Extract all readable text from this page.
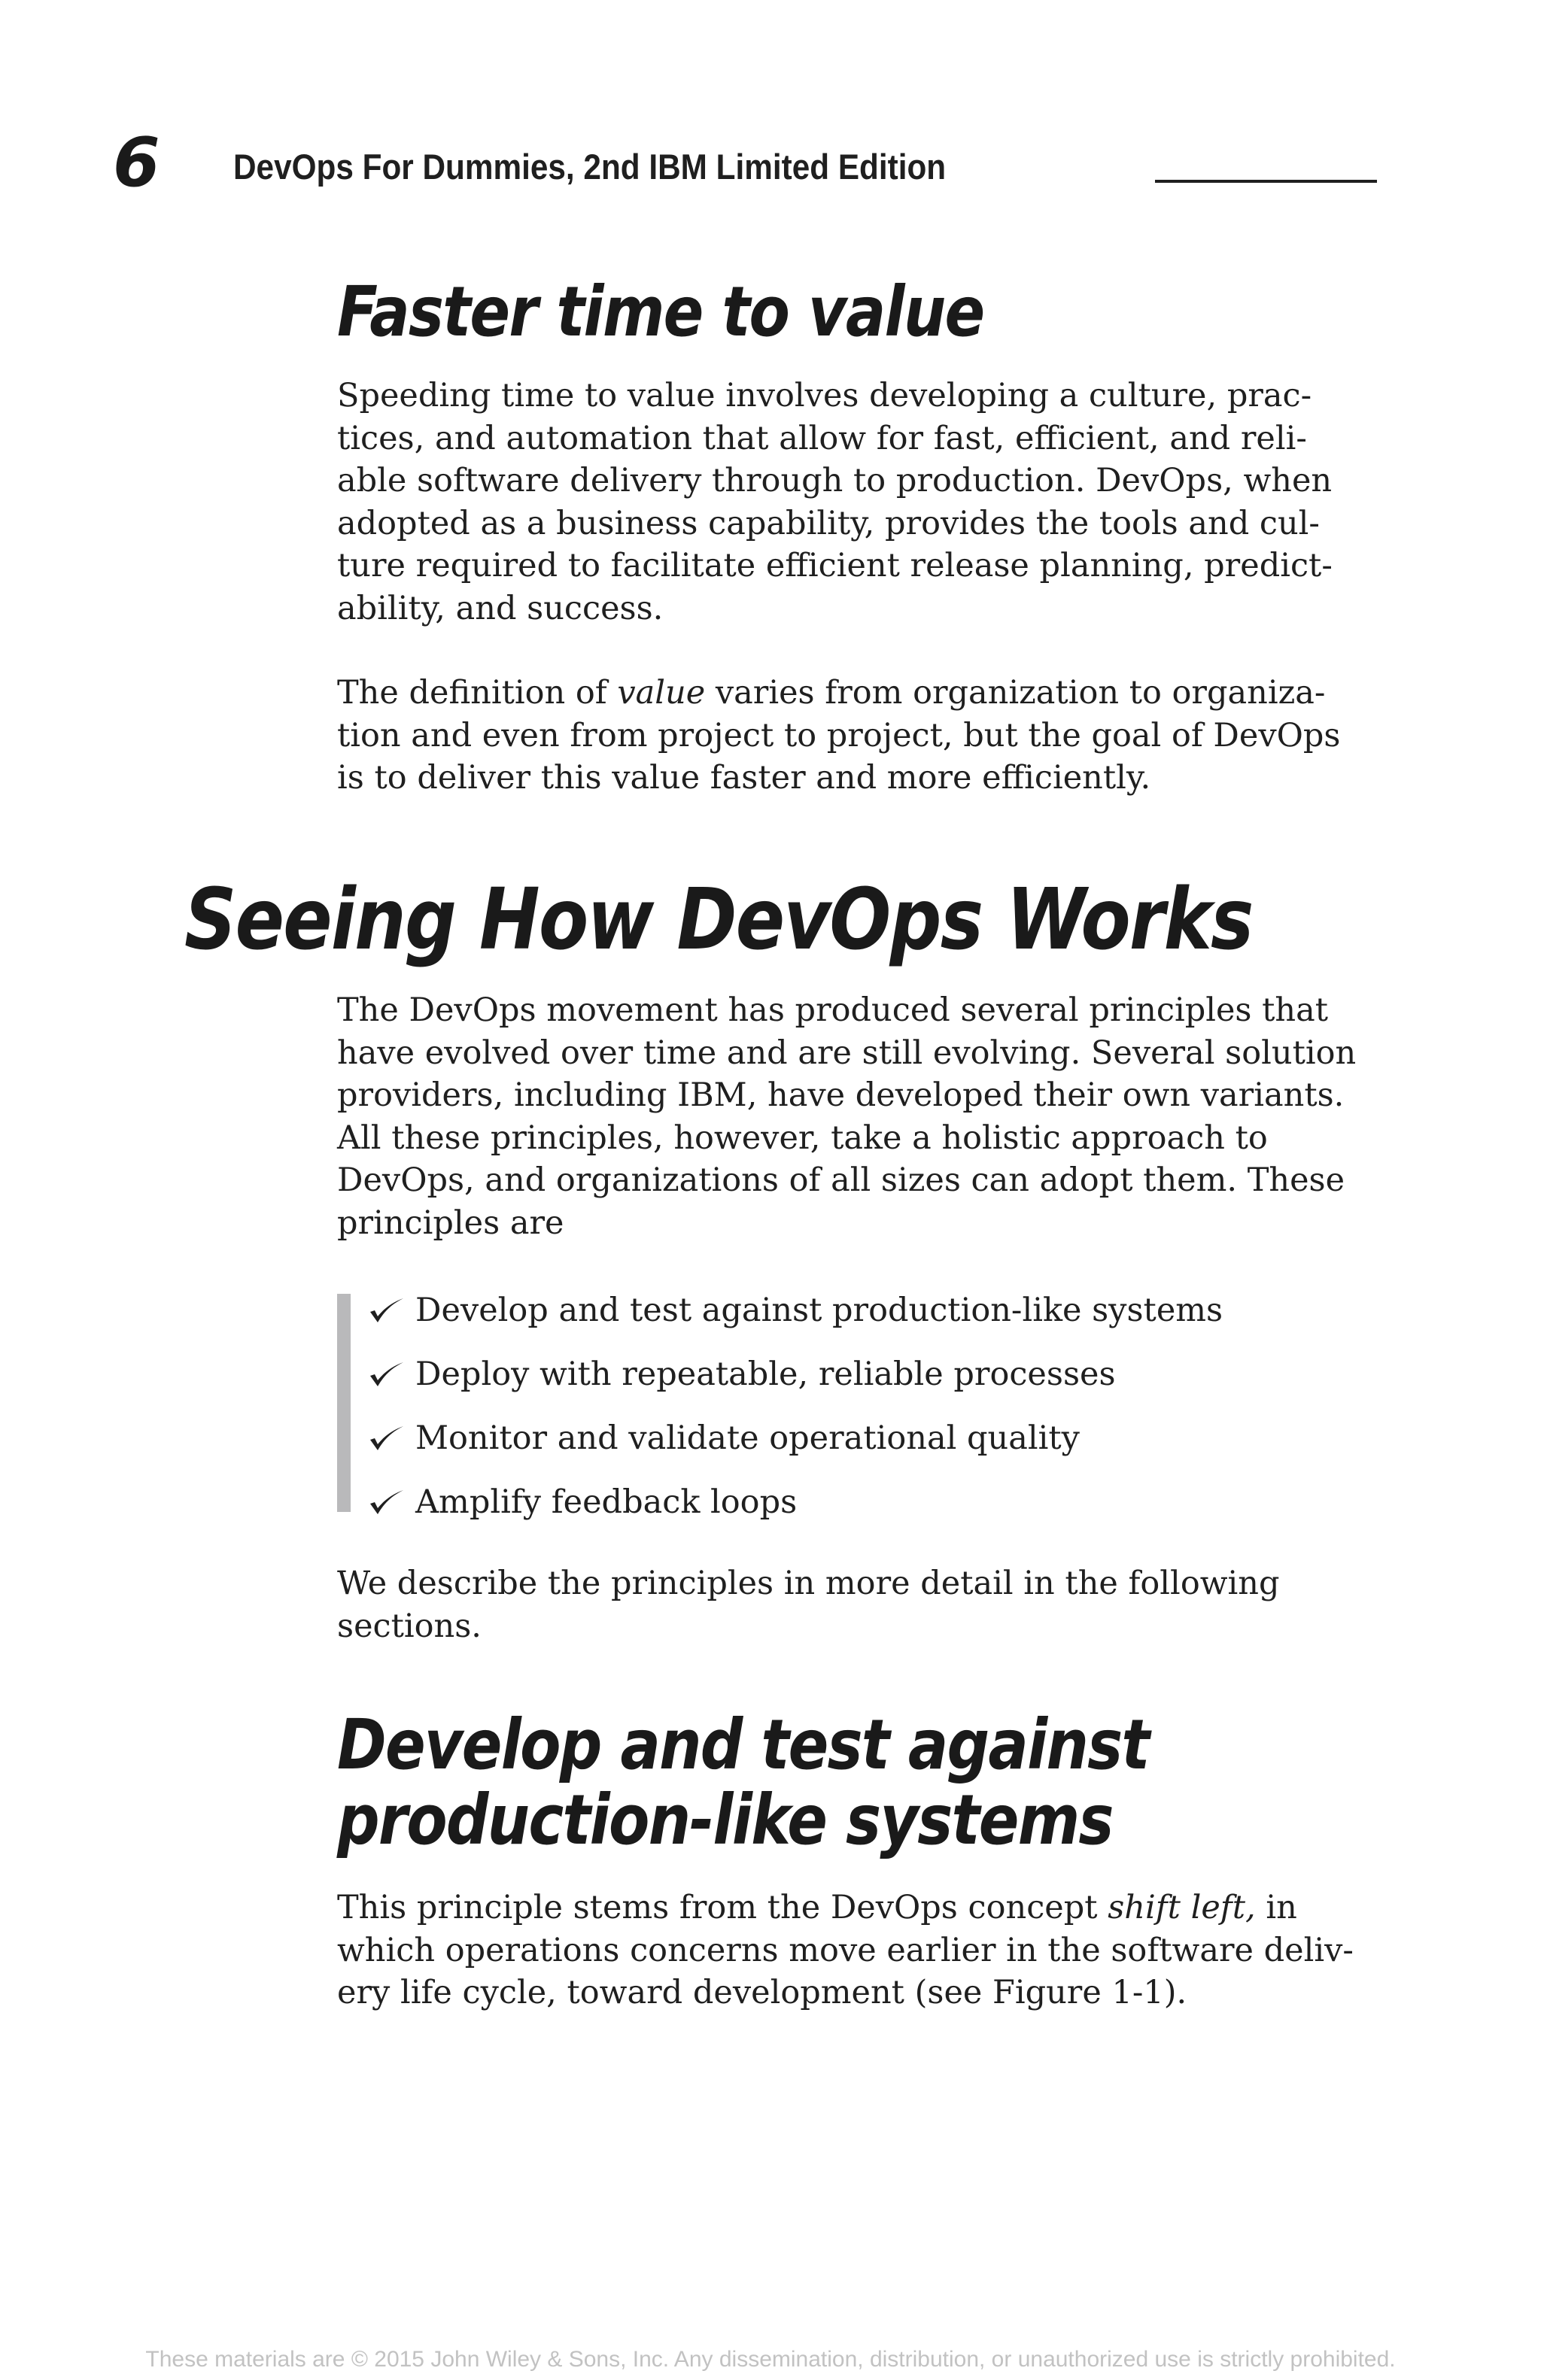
6 DevOps For Dummies, 2nd IBM Limited Edition
Faster time to value

Speeding time to value involves developing a culture, prac-
tices, and automation that allow for fast, efficient, and reli-
able software delivery through to production. DevOps, when
adopted as a business capability, provides the tools and cul-
ture required to facilitate efficient release planning, predict-
ability, and success.

The definition of value varies from organization to organiza-
tion and even from project to project, but the goal of DevOps
is to deliver this value faster and more efficiently.

Seeing How DevOps Works

The DevOps movement has produced several principles that
have evolved over time and are still evolving. Several solution
providers, including IBM, have developed their own variants.
All these principles, however, take a holistic approach to
DevOps, and organizations of all sizes can adopt them. These
principles are

Develop and test against production-like systems
Deploy with repeatable, reliable processes
Monitor and validate operational quality
Amplify feedback loops

We describe the principles in more detail in the following
sections.

Develop and test against
production-like systems

This principle stems from the DevOps concept shift left, in
which operations concerns move earlier in the software deliv-
ery life cycle, toward development (see Figure 1-1).

These materials are © 2015 John Wiley & Sons, Inc. Any dissemination, distribution, or unauthorized use is strictly prohibited.
